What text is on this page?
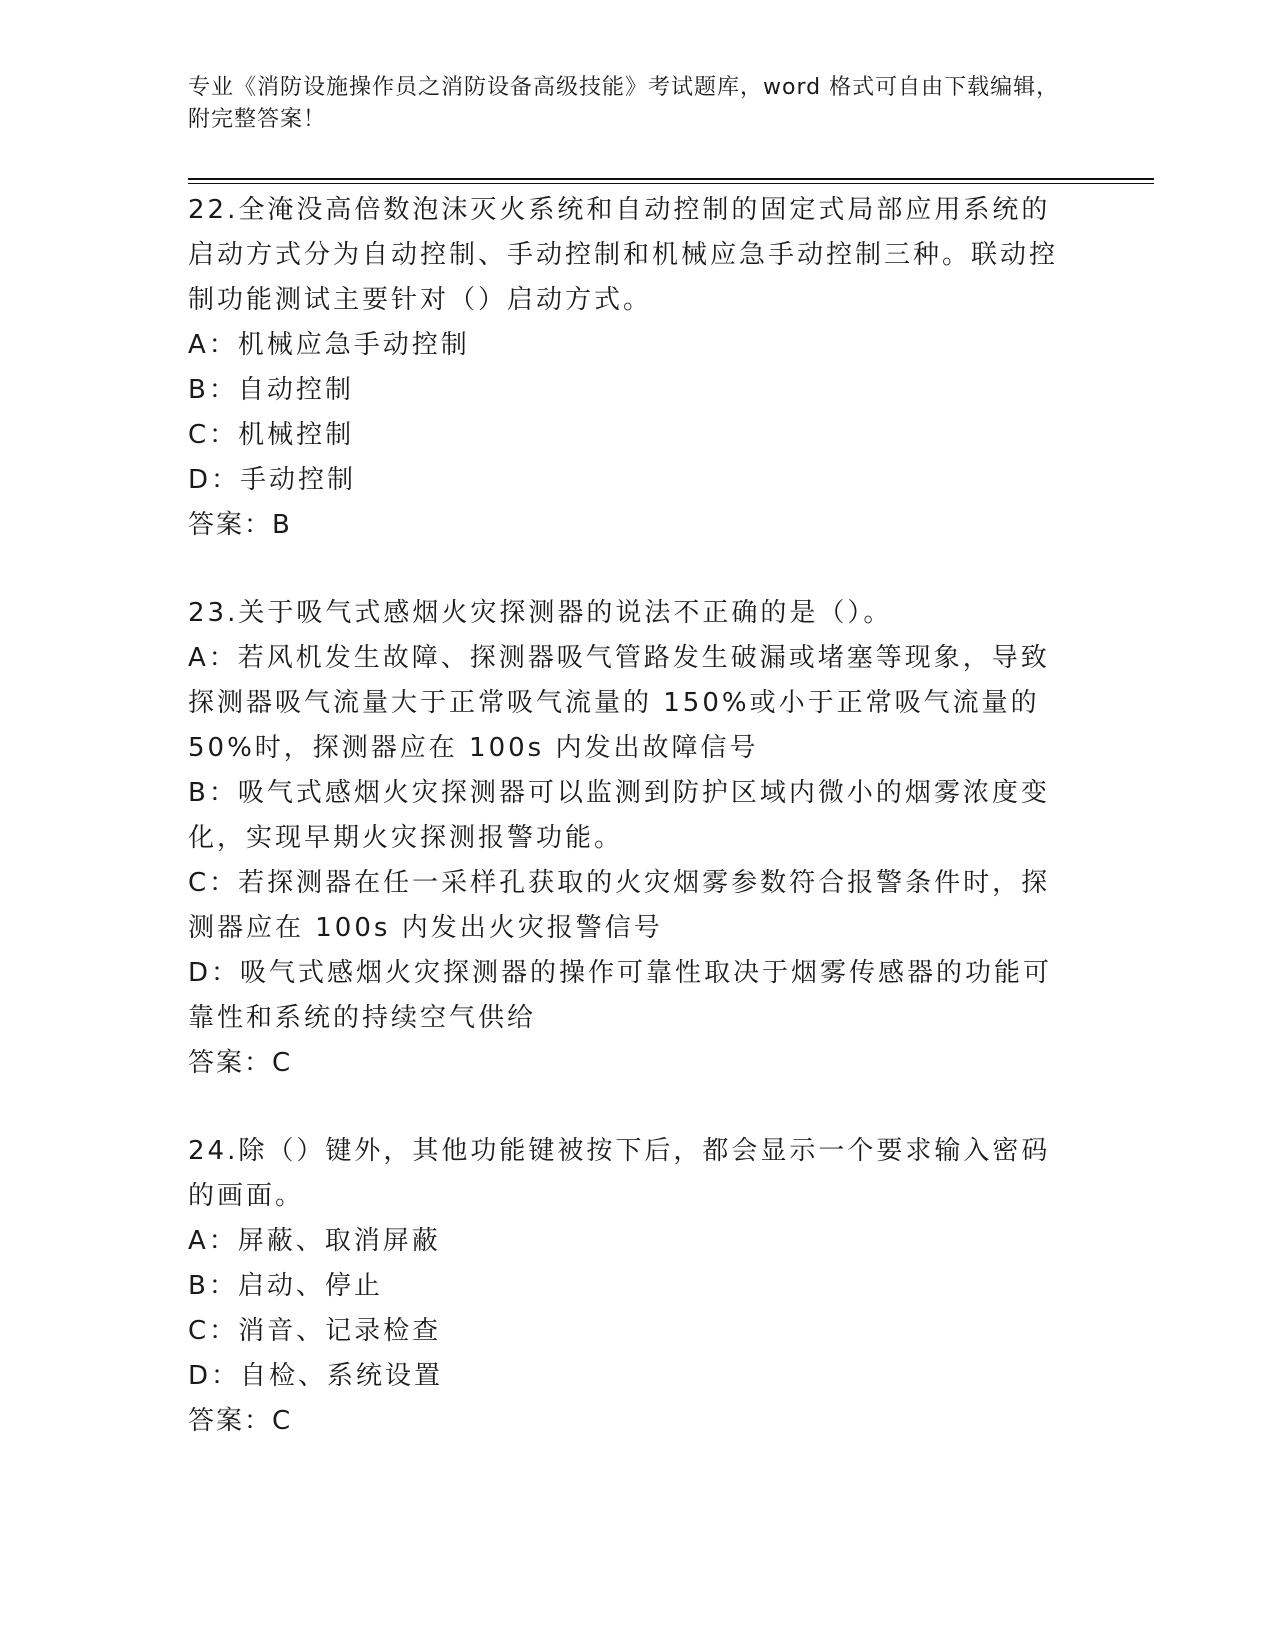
专业《消防设施操作员之消防设备高级技能》考试题库，word 格式可自由下载编辑，附完整答案！

22.全淹没高倍数泡沫灭火系统和自动控制的固定式局部应用系统的启动方式分为自动控制、手动控制和机械应急手动控制三种。联动控制功能测试主要针对（）启动方式。

A：机械应急手动控制

B：自动控制

C：机械控制

D：手动控制

答案：B

23.关于吸气式感烟火灾探测器的说法不正确的是（）。

A：若风机发生故障、探测器吸气管路发生破漏或堵塞等现象，导致探测器吸气流量大于正常吸气流量的 150%或小于正常吸气流量的 50%时，探测器应在 100s 内发出故障信号

B：吸气式感烟火灾探测器可以监测到防护区域内微小的烟雾浓度变化，实现早期火灾探测报警功能。

C：若探测器在任一采样孔获取的火灾烟雾参数符合报警条件时，探测器应在 100s 内发出火灾报警信号

D：吸气式感烟火灾探测器的操作可靠性取决于烟雾传感器的功能可靠性和系统的持续空气供给

答案：C

24.除（）键外，其他功能键被按下后，都会显示一个要求输入密码的画面。

A：屏蔽、取消屏蔽

B：启动、停止

C：消音、记录检查

D：自检、系统设置

答案：C
